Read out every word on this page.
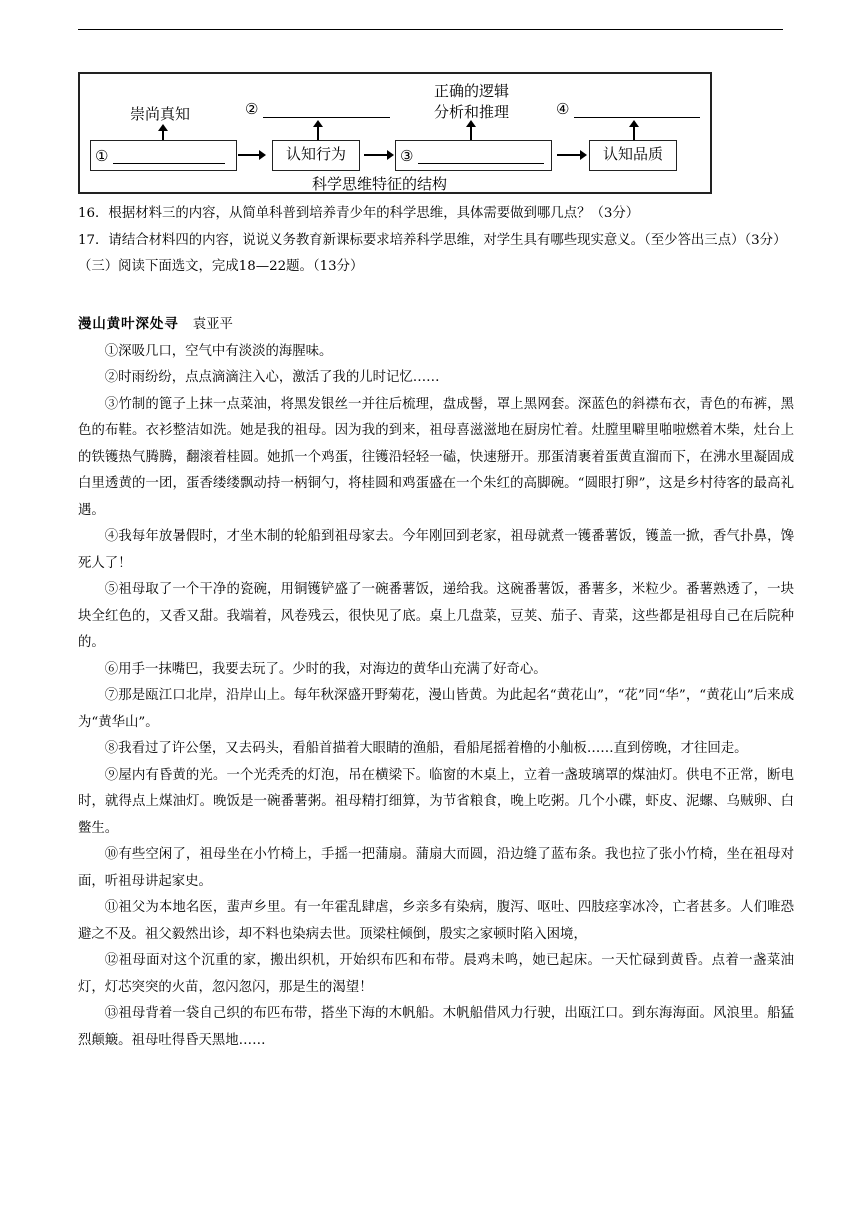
崇尚真知	②
正确的逻辑
分析和推理	④
①	认知行为	③	认知品质
科学思维特征的结构

16．根据材料三的内容，从简单科普到培养青少年的科学思维，具体需要做到哪几点？（3分）

17．请结合材料四的内容，说说义务教育新课标要求培养科学思维，对学生具有哪些现实意义。（至少答出三点）（3分）

（三）阅读下面选文，完成18—22题。（13分）

漫山黄叶深处寻 袁亚平

①深吸几口，空气中有淡淡的海腥味。

②时雨纷纷，点点滴滴注入心，激活了我的儿时记忆……

③竹制的篦子上抹一点菜油，将黑发银丝一并往后梳理，盘成髻，罩上黑网套。深蓝色的斜襟布衣，青色的布裤，黑色的布鞋。衣衫整洁如洗。她是我的祖母。因为我的到来，祖母喜滋滋地在厨房忙着。灶膛里噼里啪啦燃着木柴，灶台上的铁镬热气腾腾，翻滚着桂圆。她抓一个鸡蛋，往镬沿轻轻一磕，快速掰开。那蛋清裹着蛋黄直溜而下，在沸水里凝固成白里透黄的一团，蛋香缕缕飘动持一柄铜勺，将桂圆和鸡蛋盛在一个朱红的高脚碗。“圆眼打卵”，这是乡村待客的最高礼遇。

④我每年放暑假时，才坐木制的轮船到祖母家去。今年刚回到老家，祖母就煮一镬番薯饭，镬盖一掀，香气扑鼻，馋死人了！

⑤祖母取了一个干净的瓷碗，用铜镬铲盛了一碗番薯饭，递给我。这碗番薯饭，番薯多，米粒少。番薯熟透了，一块块全红色的，又香又甜。我端着，风卷残云，很快见了底。桌上几盘菜，豆荚、茄子、青菜，这些都是祖母自己在后院种的。

⑥用手一抹嘴巴，我要去玩了。少时的我，对海边的黄华山充满了好奇心。

⑦那是瓯江口北岸，沿岸山上。每年秋深盛开野菊花，漫山皆黄。为此起名“黄花山”，“花”同“华”，“黄花山”后来成为“黄华山”。

⑧我看过了许公堡，又去码头，看船首描着大眼睛的渔船，看船尾摇着橹的小舢板……直到傍晚，才往回走。

⑨屋内有昏黄的光。一个光秃秃的灯泡，吊在横梁下。临窗的木桌上，立着一盏玻璃罩的煤油灯。供电不正常，断电时，就得点上煤油灯。晚饭是一碗番薯粥。祖母精打细算，为节省粮食，晚上吃粥。几个小碟，虾皮、泥螺、乌贼卵、白鳖生。

⑩有些空闲了，祖母坐在小竹椅上，手摇一把蒲扇。蒲扇大而圆，沿边缝了蓝布条。我也拉了张小竹椅，坐在祖母对面，听祖母讲起家史。

⑪祖父为本地名医，蜚声乡里。有一年霍乱肆虐，乡亲多有染病，腹泻、呕吐、四肢痉挛冰冷，亡者甚多。人们唯恐避之不及。祖父毅然出诊，却不料也染病去世。顶梁柱倾倒，殷实之家顿时陷入困境，

⑫祖母面对这个沉重的家，搬出织机，开始织布匹和布带。晨鸡未鸣，她已起床。一天忙碌到黄昏。点着一盏菜油灯，灯芯突突的火苗，忽闪忽闪，那是生的渴望！

⑬祖母背着一袋自己织的布匹布带，搭坐下海的木帆船。木帆船借风力行驶，出瓯江口。到东海海面。风浪里。船猛烈颠簸。祖母吐得昏天黑地……
